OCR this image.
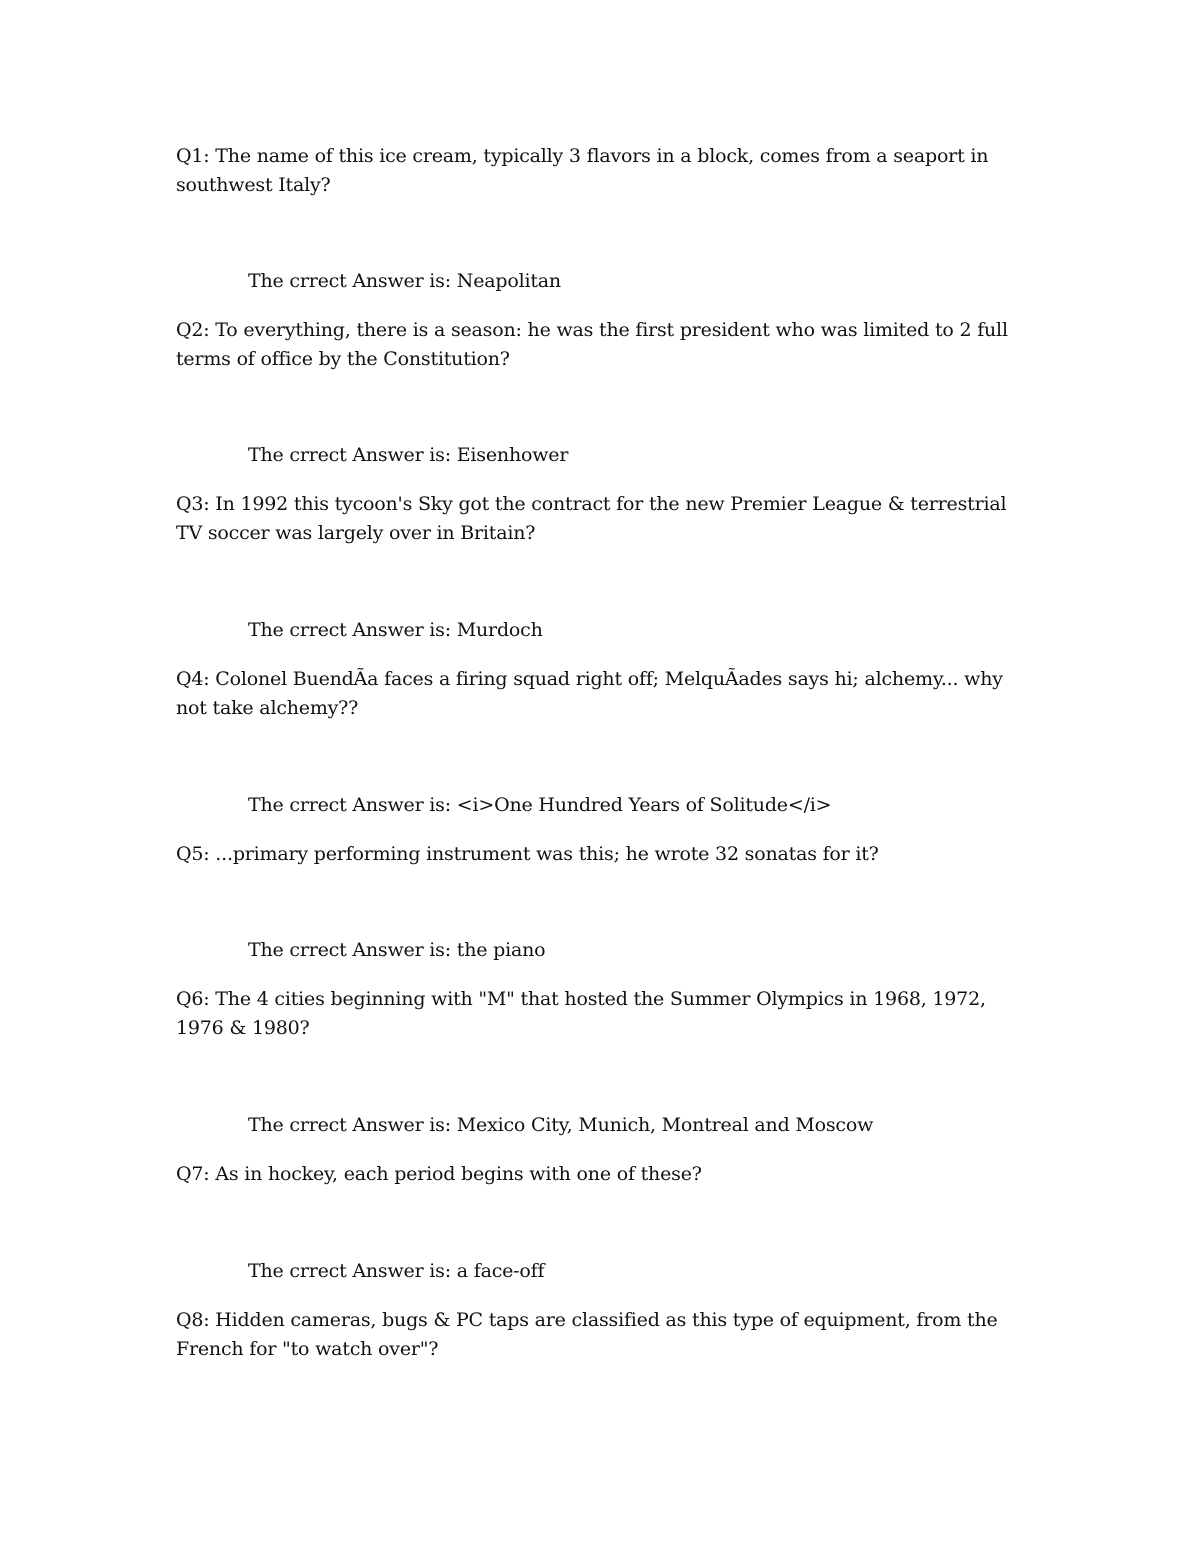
Q1: The name of this ice cream, typically 3 flavors in a block, comes from a seaport in southwest Italy?
The crrect Answer is: Neapolitan
Q2: To everything, there is a season: he was the first president who was limited to 2 full terms of office by the Constitution?
The crrect Answer is: Eisenhower
Q3: In 1992 this tycoon's Sky got the contract for the new Premier League & terrestrial TV soccer was largely over in Britain?
The crrect Answer is: Murdoch
Q4: Colonel BuendÃa faces a firing squad right off; MelquÃades says hi; alchemy... why not take alchemy??
The crrect Answer is: <i>One Hundred Years of Solitude</i>
Q5: ...primary performing instrument was this; he wrote 32 sonatas for it?
The crrect Answer is: the piano
Q6: The 4 cities beginning with "M" that hosted the Summer Olympics in 1968, 1972, 1976 & 1980?
The crrect Answer is: Mexico City, Munich, Montreal and Moscow
Q7: As in hockey, each period begins with one of these?
The crrect Answer is: a face-off
Q8: Hidden cameras, bugs & PC taps are classified as this type of equipment, from the French for "to watch over"?
